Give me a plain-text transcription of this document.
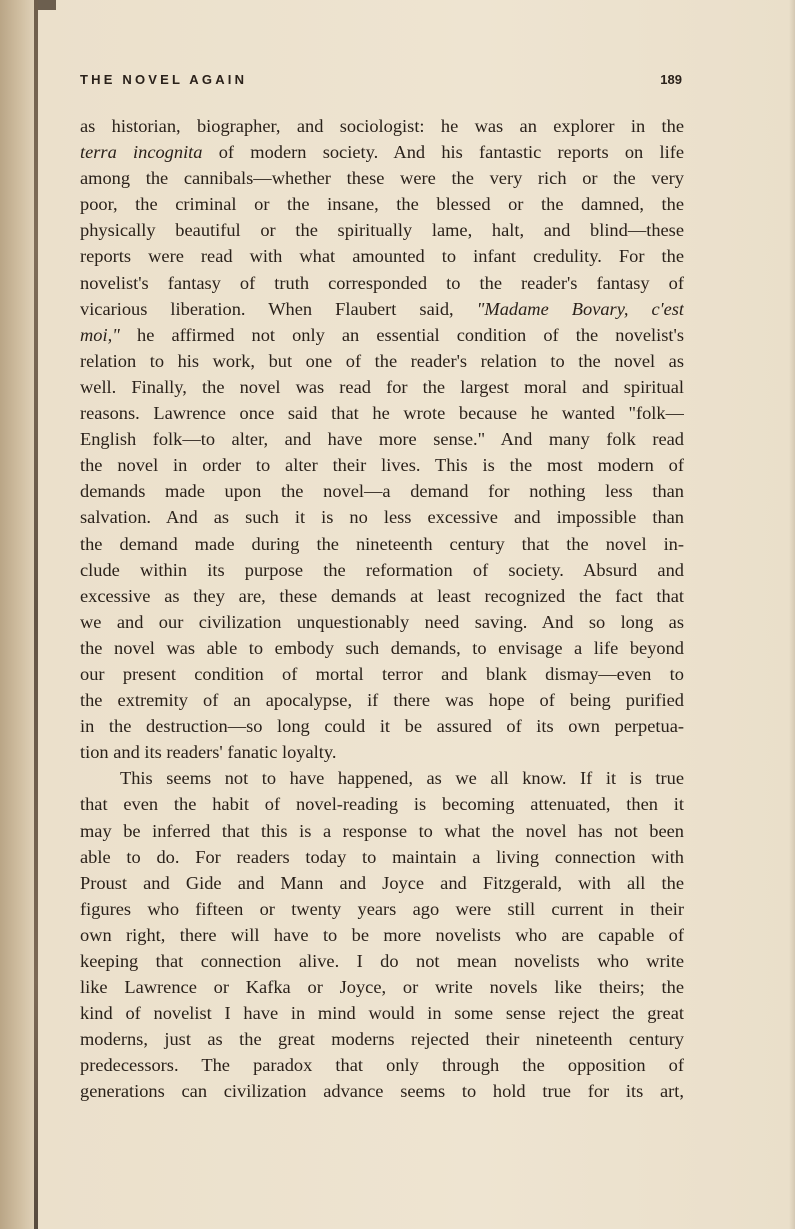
THE NOVEL AGAIN	189
as historian, biographer, and sociologist: he was an explorer in the
terra incognita of modern society. And his fantastic reports on life
among the cannibals—whether these were the very rich or the very
poor, the criminal or the insane, the blessed or the damned, the
physically beautiful or the spiritually lame, halt, and blind—these
reports were read with what amounted to infant credulity. For the
novelist's fantasy of truth corresponded to the reader's fantasy of
vicarious liberation. When Flaubert said, "Madame Bovary, c'est
moi," he affirmed not only an essential condition of the novelist's
relation to his work, but one of the reader's relation to the novel as
well. Finally, the novel was read for the largest moral and spiritual
reasons. Lawrence once said that he wrote because he wanted "folk—
English folk—to alter, and have more sense." And many folk read
the novel in order to alter their lives. This is the most modern of
demands made upon the novel—a demand for nothing less than
salvation. And as such it is no less excessive and impossible than
the demand made during the nineteenth century that the novel in-
clude within its purpose the reformation of society. Absurd and
excessive as they are, these demands at least recognized the fact that
we and our civilization unquestionably need saving. And so long as
the novel was able to embody such demands, to envisage a life beyond
our present condition of mortal terror and blank dismay—even to
the extremity of an apocalypse, if there was hope of being purified
in the destruction—so long could it be assured of its own perpetua-
tion and its readers' fanatic loyalty.
This seems not to have happened, as we all know. If it is true
that even the habit of novel-reading is becoming attenuated, then it
may be inferred that this is a response to what the novel has not been
able to do. For readers today to maintain a living connection with
Proust and Gide and Mann and Joyce and Fitzgerald, with all the
figures who fifteen or twenty years ago were still current in their
own right, there will have to be more novelists who are capable of
keeping that connection alive. I do not mean novelists who write
like Lawrence or Kafka or Joyce, or write novels like theirs; the
kind of novelist I have in mind would in some sense reject the great
moderns, just as the great moderns rejected their nineteenth century
predecessors. The paradox that only through the opposition of
generations can civilization advance seems to hold true for its art,
